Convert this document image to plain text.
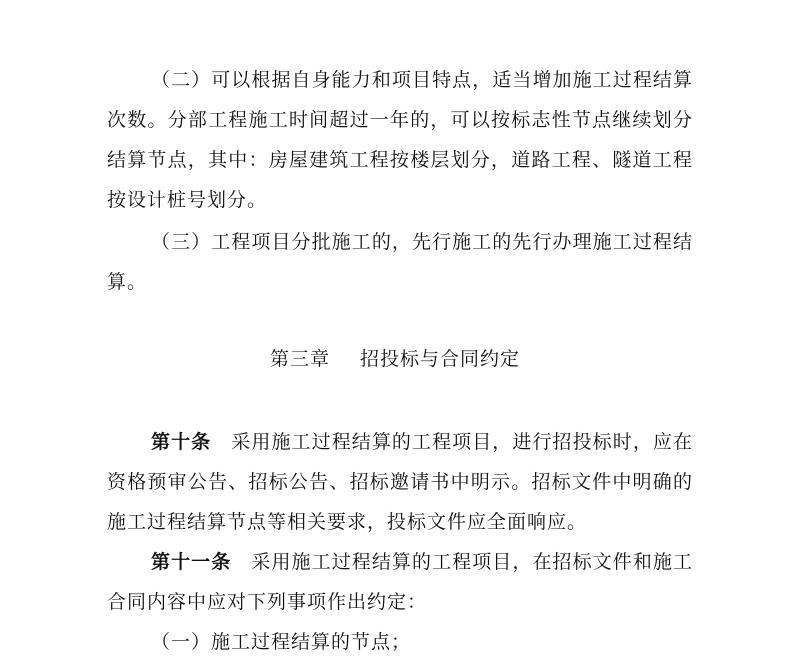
（二）可以根据自身能力和项目特点，适当增加施工过程结算次数。分部工程施工时间超过一年的，可以按标志性节点继续划分结算节点，其中：房屋建筑工程按楼层划分，道路工程、隧道工程按设计桩号划分。

（三）工程项目分批施工的，先行施工的先行办理施工过程结算。

第三章 招投标与合同约定

第十条 采用施工过程结算的工程项目，进行招投标时，应在资格预审公告、招标公告、招标邀请书中明示。招标文件中明确的施工过程结算节点等相关要求，投标文件应全面响应。

第十一条 采用施工过程结算的工程项目，在招标文件和施工合同内容中应对下列事项作出约定：

（一）施工过程结算的节点；
